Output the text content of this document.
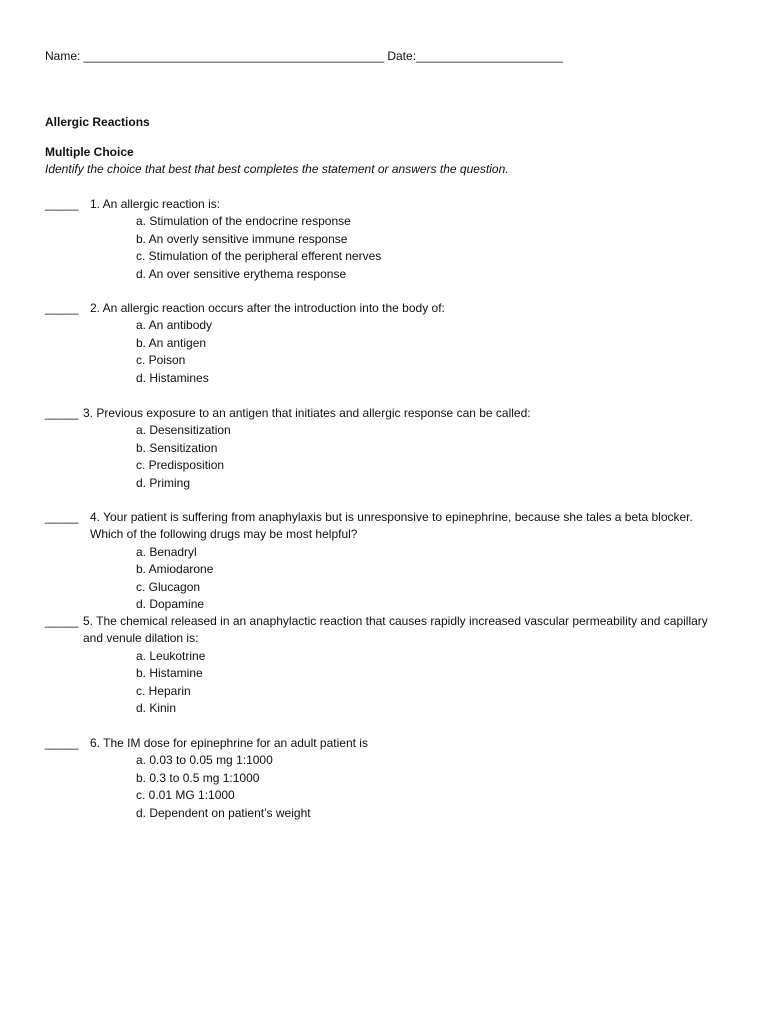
Name: _____________________________________________ Date:______________________
Allergic Reactions
Multiple Choice
Identify the choice that best that best completes the statement or answers the question.
_____ 1. An allergic reaction is:
a. Stimulation of the endocrine response
b. An overly sensitive immune response
c. Stimulation of the peripheral efferent nerves
d. An over sensitive erythema response
_____ 2. An allergic reaction occurs after the introduction into the body of:
a. An antibody
b. An antigen
c. Poison
d. Histamines
_____ 3. Previous exposure to an antigen that initiates and allergic response can be called:
a. Desensitization
b. Sensitization
c. Predisposition
d. Priming
_____ 4. Your patient is suffering from anaphylaxis but is unresponsive to epinephrine, because she tales a beta blocker. Which of the following drugs may be most helpful?
a. Benadryl
b. Amiodarone
c. Glucagon
d. Dopamine
_____ 5. The chemical released in an anaphylactic reaction that causes rapidly increased vascular permeability and capillary and venule dilation is:
a. Leukotrine
b. Histamine
c. Heparin
d. Kinin
_____ 6. The IM dose for epinephrine for an adult patient is
a. 0.03 to 0.05 mg 1:1000
b. 0.3 to 0.5 mg 1:1000
c. 0.01 MG 1:1000
d. Dependent on patient’s weight
